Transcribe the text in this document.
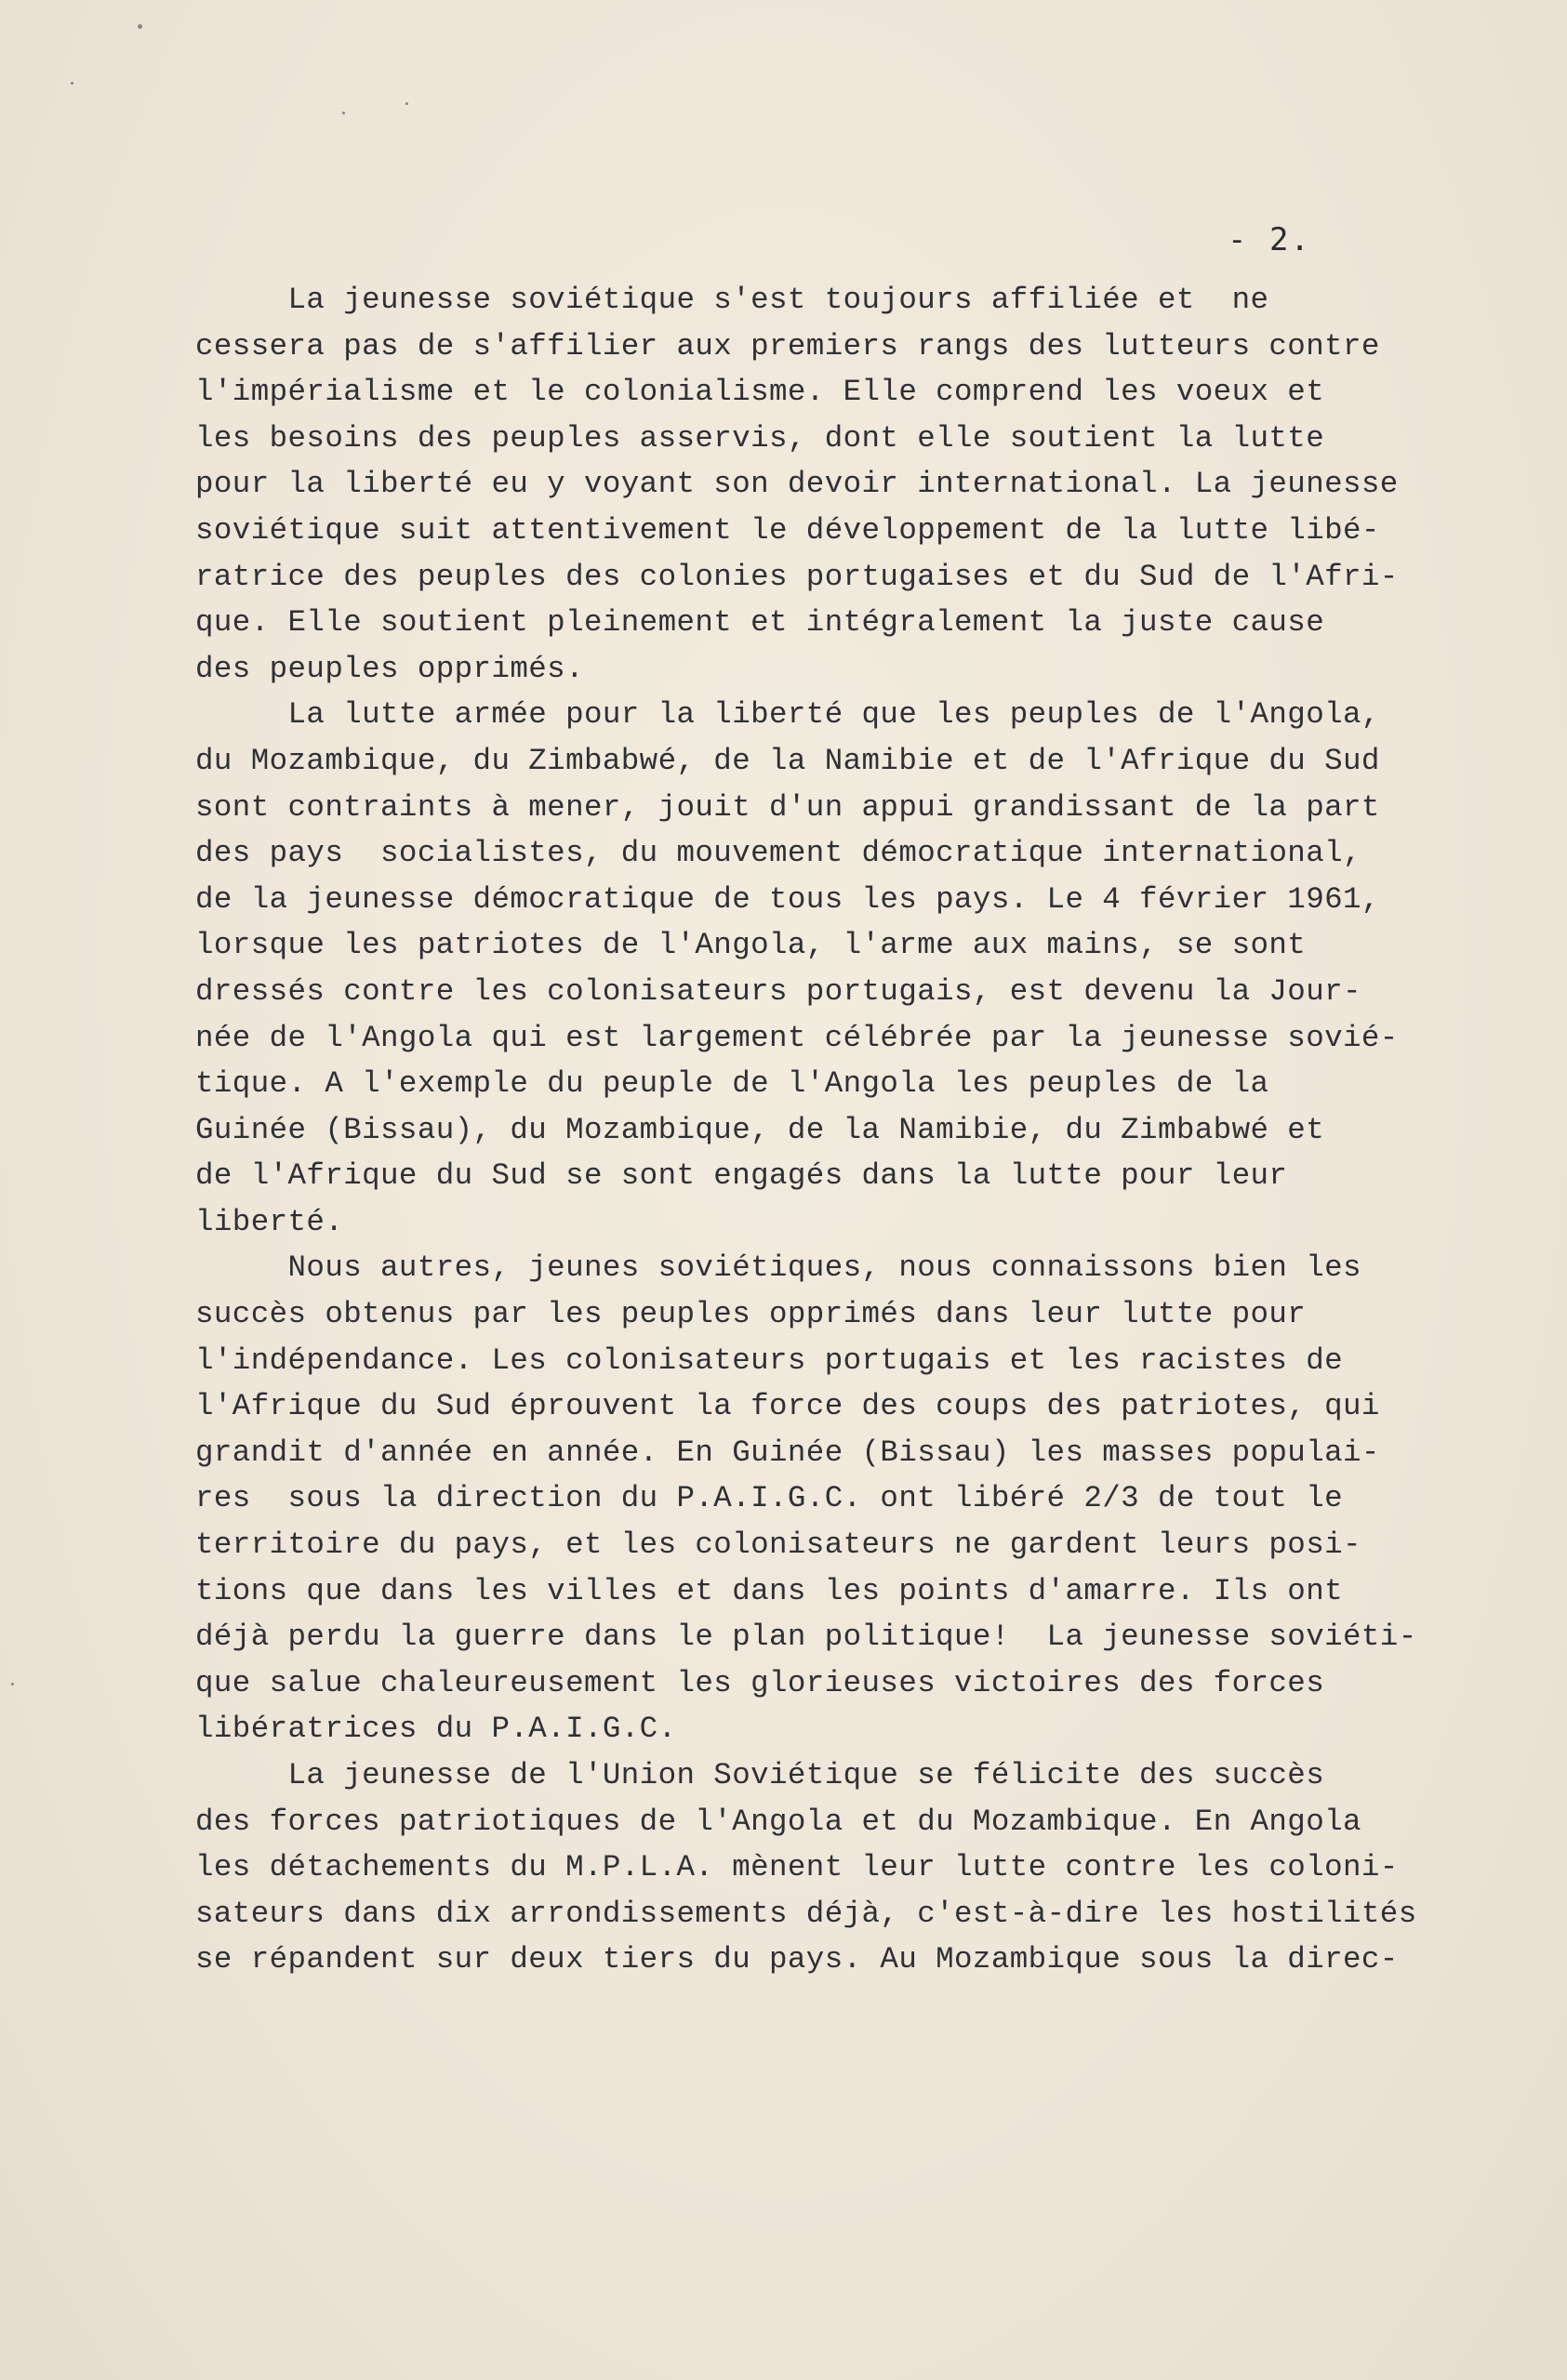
- 2.
La jeunesse soviétique s'est toujours affiliée et  ne
cessera pas de s'affilier aux premiers rangs des lutteurs contre
l'impérialisme et le colonialisme. Elle comprend les voeux et
les besoins des peuples asservis, dont elle soutient la lutte
pour la liberté eu y voyant son devoir international. La jeunesse
soviétique suit attentivement le développement de la lutte libé-
ratrice des peuples des colonies portugaises et du Sud de l'Afri-
que. Elle soutient pleinement et intégralement la juste cause
des peuples opprimés.
La lutte armée pour la liberté que les peuples de l'Angola,
du Mozambique, du Zimbabwé, de la Namibie et de l'Afrique du Sud
sont contraints à mener, jouit d'un appui grandissant de la part
des pays  socialistes, du mouvement démocratique international,
de la jeunesse démocratique de tous les pays. Le 4 février 1961,
lorsque les patriotes de l'Angola, l'arme aux mains, se sont
dressés contre les colonisateurs portugais, est devenu la Jour-
née de l'Angola qui est largement célébrée par la jeunesse sovié-
tique. A l'exemple du peuple de l'Angola les peuples de la
Guinée (Bissau), du Mozambique, de la Namibie, du Zimbabwé et
de l'Afrique du Sud se sont engagés dans la lutte pour leur
liberté.
Nous autres, jeunes soviétiques, nous connaissons bien les
succès obtenus par les peuples opprimés dans leur lutte pour
l'indépendance. Les colonisateurs portugais et les racistes de
l'Afrique du Sud éprouvent la force des coups des patriotes, qui
grandit d'année en année. En Guinée (Bissau) les masses populai-
res  sous la direction du P.A.I.G.C. ont libéré 2/3 de tout le
territoire du pays, et les colonisateurs ne gardent leurs posi-
tions que dans les villes et dans les points d'amarre. Ils ont
déjà perdu la guerre dans le plan politique!  La jeunesse soviéti-
que salue chaleureusement les glorieuses victoires des forces
libératrices du P.A.I.G.C.
La jeunesse de l'Union Soviétique se félicite des succès
des forces patriotiques de l'Angola et du Mozambique. En Angola
les détachements du M.P.L.A. mènent leur lutte contre les coloni-
sateurs dans dix arrondissements déjà, c'est-à-dire les hostilités
se répandent sur deux tiers du pays. Au Mozambique sous la direc-
